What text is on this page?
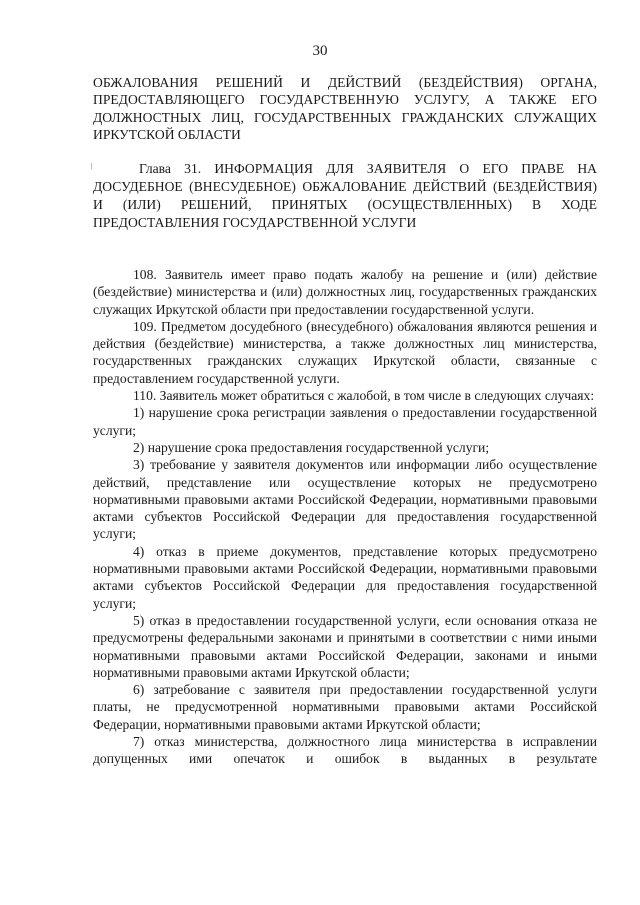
30

ОБЖАЛОВАНИЯ РЕШЕНИЙ И ДЕЙСТВИЙ (БЕЗДЕЙСТВИЯ) ОРГАНА, ПРЕДОСТАВЛЯЮЩЕГО ГОСУДАРСТВЕННУЮ УСЛУГУ, А ТАКЖЕ ЕГО ДОЛЖНОСТНЫХ ЛИЦ, ГОСУДАРСТВЕННЫХ ГРАЖДАНСКИХ СЛУЖАЩИХ ИРКУТСКОЙ ОБЛАСТИ

Глава 31. ИНФОРМАЦИЯ ДЛЯ ЗАЯВИТЕЛЯ О ЕГО ПРАВЕ НА ДОСУДЕБНОЕ (ВНЕСУДЕБНОЕ) ОБЖАЛОВАНИЕ ДЕЙСТВИЙ (БЕЗДЕЙСТВИЯ) И (ИЛИ) РЕШЕНИЙ, ПРИНЯТЫХ (ОСУЩЕСТВЛЕННЫХ) В ХОДЕ ПРЕДОСТАВЛЕНИЯ ГОСУДАРСТВЕННОЙ УСЛУГИ

108. Заявитель имеет право подать жалобу на решение и (или) действие (бездействие) министерства и (или) должностных лиц, государственных гражданских служащих Иркутской области при предоставлении государственной услуги.

109. Предметом досудебного (внесудебного) обжалования являются решения и действия (бездействие) министерства, а также должностных лиц министерства, государственных гражданских служащих Иркутской области, связанные с предоставлением государственной услуги.

110. Заявитель может обратиться с жалобой, в том числе в следующих случаях:

1) нарушение срока регистрации заявления о предоставлении государственной услуги;

2) нарушение срока предоставления государственной услуги;

3) требование у заявителя документов или информации либо осуществление действий, представление или осуществление которых не предусмотрено нормативными правовыми актами Российской Федерации, нормативными правовыми актами субъектов Российской Федерации для предоставления государственной услуги;

4) отказ в приеме документов, представление которых предусмотрено нормативными правовыми актами Российской Федерации, нормативными правовыми актами субъектов Российской Федерации для предоставления государственной услуги;

5) отказ в предоставлении государственной услуги, если основания отказа не предусмотрены федеральными законами и принятыми в соответствии с ними иными нормативными правовыми актами Российской Федерации, законами и иными нормативными правовыми актами Иркутской области;

6) затребование с заявителя при предоставлении государственной услуги платы, не предусмотренной нормативными правовыми актами Российской Федерации, нормативными правовыми актами Иркутской области;

7) отказ министерства, должностного лица министерства в исправлении допущенных ими опечаток и ошибок в выданных в результате
